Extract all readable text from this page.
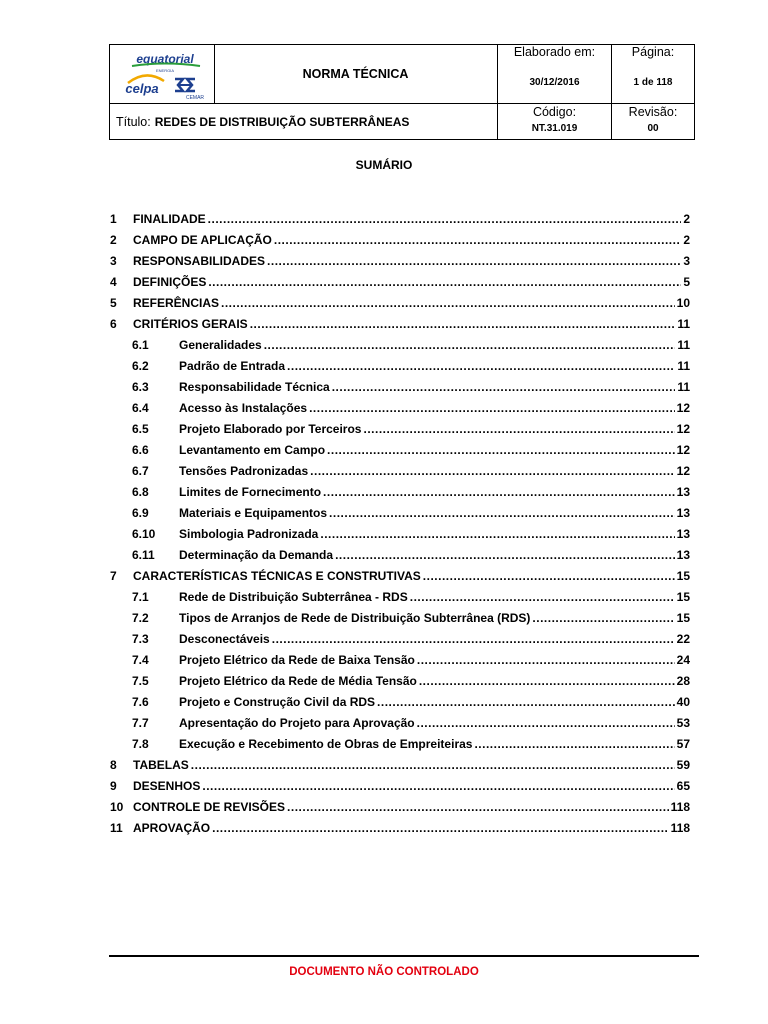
equatorial
ENERGIA
celpa
CEMAR
NORMA TÉCNICA
Elaborado em:
30/12/2016
Página:
1 de 118
Título: REDES DE DISTRIBUIÇÃO SUBTERRÂNEAS
Código:
NT.31.019
Revisão:
00
SUMÁRIO
1 FINALIDADE .....	2
2 CAMPO DE APLICAÇÃO .....	2
3 RESPONSABILIDADES .....	3
4 DEFINIÇÕES .....	5
5 REFERÊNCIAS .....	10
6 CRITÉRIOS GERAIS .....	11
6.1	Generalidades .....	11
6.2	Padrão de Entrada .....	11
6.3	Responsabilidade Técnica .....	11
6.4	Acesso às Instalações .....	12
6.5	Projeto Elaborado por Terceiros .....	12
6.6	Levantamento em Campo .....	12
6.7	Tensões Padronizadas .....	12
6.8	Limites de Fornecimento .....	13
6.9	Materiais e Equipamentos .....	13
6.10 Simbologia Padronizada .....	13
6.11 Determinação da Demanda .....	13
7 CARACTERÍSTICAS TÉCNICAS E CONSTRUTIVAS .....	15
7.1	Rede de Distribuição Subterrânea - RDS .....	15
7.2	Tipos de Arranjos de Rede de Distribuição Subterrânea (RDS) .....	15
7.3	Desconectáveis .....	22
7.4	Projeto Elétrico da Rede de Baixa Tensão .....	24
7.5	Projeto Elétrico da Rede de Média Tensão .....	28
7.6	Projeto e Construção Civil da RDS .....	40
7.7	Apresentação do Projeto para Aprovação .....	53
7.8	Execução e Recebimento de Obras de Empreiteiras .....	57
8 TABELAS .....	59
9 DESENHOS .....	65
10 CONTROLE DE REVISÕES .....	118
11 APROVAÇÃO .....	118
DOCUMENTO NÃO CONTROLADO
